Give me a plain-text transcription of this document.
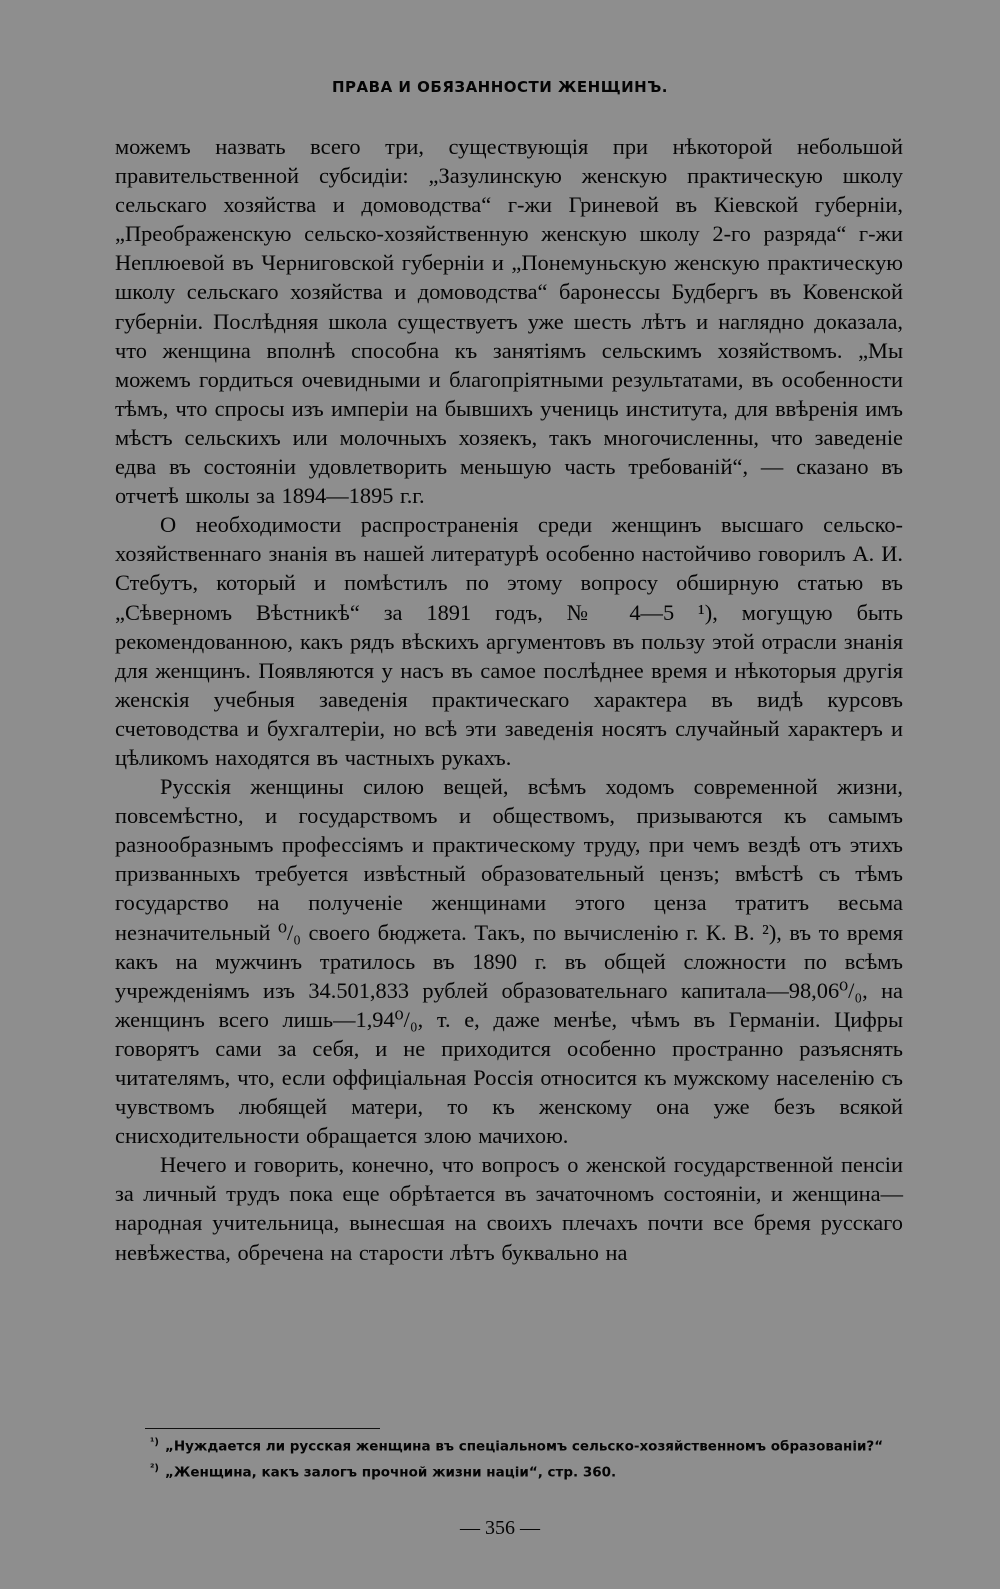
ПРАВА И ОБЯЗАННОСТИ ЖЕНЩИНЪ.

можемъ назвать всего три, существующія при нѣкоторой небольшой правительственной субсидіи: „Зазулинскую женскую практическую школу сельскаго хозяйства и домоводства“ г-жи Гриневой въ Кіевской губерніи, „Преображенскую сельско-хозяйственную женскую школу 2-го разряда“ г-жи Неплюевой въ Черниговской губерніи и „Понемуньскую женскую практическую школу сельскаго хозяйства и домоводства“ баронессы Будбергъ въ Ковенской губерніи. Послѣдняя школа существуетъ уже шесть лѣтъ и наглядно доказала, что женщина вполнѣ способна къ занятіямъ сельскимъ хозяйствомъ. „Мы можемъ гордиться очевидными и благопріятными результатами, въ особенности тѣмъ, что спросы изъ имперіи на бывшихъ учениць института, для ввѣренія имъ мѣстъ сельскихъ или молочныхъ хозяекъ, такъ многочисленны, что заведеніе едва въ состояніи удовлетворить меньшую часть требованій“, — сказано въ отчетѣ школы за 1894—1895 г.г.

О необходимости распространенія среди женщинъ высшаго сельско-хозяйственнаго знанія въ нашей литературѣ особенно настойчиво говорилъ А. И. Стебутъ, который и помѣстилъ по этому вопросу обширную статью въ „Сѣверномъ Вѣстникѣ“ за 1891 годъ, № 4—5 ¹), могущую быть рекомендованною, какъ рядъ вѣскихъ аргументовъ въ пользу этой отрасли знанія для женщинъ. Появляются у насъ въ самое послѣднее время и нѣкоторыя другія женскія учебныя заведенія практическаго характера въ видѣ курсовъ счетоводства и бухгалтеріи, но всѣ эти заведенія носятъ случайный характеръ и цѣликомъ находятся въ частныхъ рукахъ.

Русскія женщины силою вещей, всѣмъ ходомъ современной жизни, повсемѣстно, и государствомъ и обществомъ, призываются къ самымъ разнообразнымъ профессіямъ и практическому труду, при чемъ вездѣ отъ этихъ призванныхъ требуется извѣстный образовательный цензъ; вмѣстѣ съ тѣмъ государство на полученіе женщинами этого ценза тратитъ весьма незначительный ⁰/₀ своего бюджета. Такъ, по вычисленію г. К. В. ²), въ то время какъ на мужчинъ тратилось въ 1890 г. въ общей сложности по всѣмъ учрежденіямъ изъ 34.501,833 рублей образовательнаго капитала—98,06⁰/₀, на женщинъ всего лишь—1,94⁰/₀, т. е, даже менѣе, чѣмъ въ Германіи. Цифры говорятъ сами за себя, и не приходится особенно пространно разъяснять читателямъ, что, если оффиціальная Россія относится къ мужскому населенію съ чувствомъ любящей матери, то къ женскому она уже безъ всякой снисходительности обращается злою мачихою.

Нечего и говорить, конечно, что вопросъ о женской государственной пенсіи за личный трудъ пока еще обрѣтается въ зачаточномъ состояніи, и женщина—народная учительница, вынесшая на своихъ плечахъ почти все бремя русскаго невѣжества, обречена на старости лѣтъ буквально на

$^{^1)}$ „Нуждается ли русская женщина въ спеціальномъ сельско-хозяйственномъ образованіи?“
$^{^2)}$ „Женщина, какъ залогъ прочной жизни націи“, стр. 360.
— 356 —
